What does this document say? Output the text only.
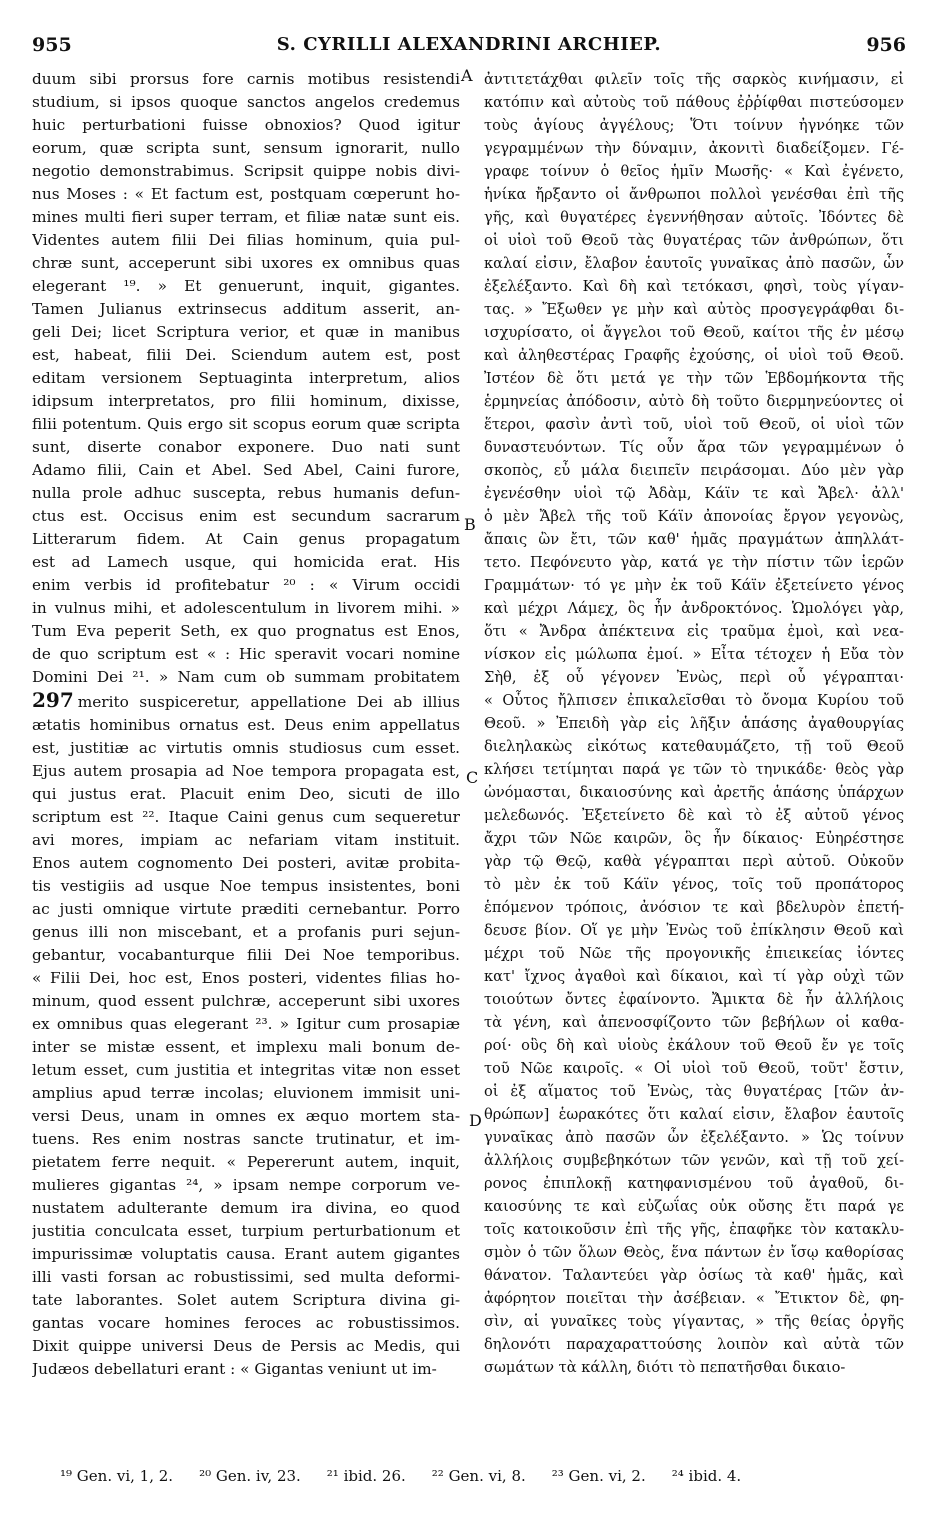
955	S. CYRILLI ALEXANDRINI ARCHIEP.	956
duum sibi prorsus fore carnis motibus resistendi
studium, si ipsos quoque sanctos angelos credemus
huic perturbationi fuisse obnoxios? Quod igitur
eorum, quæ scripta sunt, sensum ignorarit, nullo
negotio demonstrabimus. Scripsit quippe nobis divi-
nus Moses : « Et factum est, postquam cœperunt ho-
mines multi fieri super terram, et filiæ natæ sunt eis.
Videntes autem filii Dei filias hominum, quia pul-
chræ sunt, acceperunt sibi uxores ex omnibus quas
elegerant ¹⁹. » Et genuerunt, inquit, gigantes.
Tamen Julianus extrinsecus additum asserit, an-
geli Dei; licet Scriptura verior, et quæ in manibus
est, habeat, filii Dei. Sciendum autem est, post
editam versionem Septuaginta interpretum, alios
idipsum interpretatos, pro filii hominum, dixisse,
filii potentum. Quis ergo sit scopus eorum quæ scripta
sunt, diserte conabor exponere. Duo nati sunt
Adamo filii, Cain et Abel. Sed Abel, Caini furore,
nulla prole adhuc suscepta, rebus humanis defun-
ctus est. Occisus enim est secundum sacrarum
Litterarum fidem. At Cain genus propagatum
est ad Lamech usque, qui homicida erat. His
enim verbis id profitebatur ²⁰ : « Virum occidi
in vulnus mihi, et adolescentulum in livorem mihi. »
Tum Eva peperit Seth, ex quo prognatus est Enos,
de quo scriptum est « : Hic speravit vocari nomine
Domini Dei ²¹. » Nam cum ob summam probitatem
297 merito suspiceretur, appellatione Dei ab illius
ætatis hominibus ornatus est. Deus enim appellatus
est, justitiæ ac virtutis omnis studiosus cum esset.
Ejus autem prosapia ad Noe tempora propagata est,
qui justus erat. Placuit enim Deo, sicuti de illo
scriptum est ²². Itaque Caini genus cum sequeretur
avi mores, impiam ac nefariam vitam instituit.
Enos autem cognomento Dei posteri, avitæ probita-
tis vestigiis ad usque Noe tempus insistentes, boni
ac justi omnique virtute præditi cernebantur. Porro
genus illi non miscebant, et a profanis puri sejun-
gebantur, vocabanturque filii Dei Noe temporibus.
« Filii Dei, hoc est, Enos posteri, videntes filias ho-
minum, quod essent pulchræ, acceperunt sibi uxores
ex omnibus quas elegerant ²³. » Igitur cum prosapiæ
inter se mistæ essent, et implexu mali bonum de-
letum esset, cum justitia et integritas vitæ non esset
amplius apud terræ incolas; eluvionem immisit uni-
versi Deus, unam in omnes ex æquo mortem sta-
tuens. Res enim nostras sancte trutinatur, et im-
pietatem ferre nequit. « Pepererunt autem, inquit,
mulieres gigantas ²⁴, » ipsam nempe corporum ve-
nustatem adulterante demum ira divina, eo quod
justitia conculcata esset, turpium perturbationum et
impurissimæ voluptatis causa. Erant autem gigantes
illi vasti forsan ac robustissimi, sed multa deformi-
tate laborantes. Solet autem Scriptura divina gi-
gantas vocare homines feroces ac robustissimos.
Dixit quippe universi Deus de Persis ac Medis, qui
Judæos debellaturi erant : « Gigantas veniunt ut im-
ἀντιτετάχθαι φιλεῖν τοῖς τῆς σαρκὸς κινήμασιν, εἰ
κατόπιν καὶ αὐτοὺς τοῦ πάθους ἐῤῥίφθαι πιστεύσομεν
τοὺς ἁγίους ἀγγέλους; Ὅτι τοίνυν ἠγνόηκε τῶν
γεγραμμένων τὴν δύναμιν, ἀκονιτὶ διαδείξομεν. Γέ-
γραφε τοίνυν ὁ θεῖος ἡμῖν Μωσῆς· « Καὶ ἐγένετο,
ἡνίκα ἤρξαντο οἱ ἄνθρωποι πολλοὶ γενέσθαι ἐπὶ τῆς
γῆς, καὶ θυγατέρες ἐγεννήθησαν αὐτοῖς. Ἰδόντες δὲ
οἱ υἱοὶ τοῦ Θεοῦ τὰς θυγατέρας τῶν ἀνθρώπων, ὅτι
καλαί εἰσιν, ἔλαβον ἑαυτοῖς γυναῖκας ἀπὸ πασῶν, ὧν
ἐξελέξαντο. Καὶ δὴ καὶ τετόκασι, φησὶ, τοὺς γίγαν-
τας. » Ἔξωθεν γε μὴν καὶ αὐτὸς προσγεγράφθαι δι-
ισχυρίσατο, οἱ ἄγγελοι τοῦ Θεοῦ, καίτοι τῆς ἐν μέσῳ
καὶ ἀληθεστέρας Γραφῆς ἐχούσης, οἱ υἱοὶ τοῦ Θεοῦ.
Ἰστέον δὲ ὅτι μετά γε τὴν τῶν Ἑβδομήκοντα τῆς
ἑρμηνείας ἀπόδοσιν, αὐτὸ δὴ τοῦτο διερμηνεύοντες οἱ
ἕτεροι, φασὶν ἀντὶ τοῦ, υἱοὶ τοῦ Θεοῦ, οἱ υἱοὶ τῶν
δυναστευόντων. Τίς οὖν ἄρα τῶν γεγραμμένων ὁ
σκοπὸς, εὖ μάλα διειπεῖν πειράσομαι. Δύο μὲν γὰρ
ἐγενέσθην υἱοὶ τῷ Ἀδὰμ, Κάϊν τε καὶ Ἄβελ· ἀλλ'
ὁ μὲν Ἄβελ τῆς τοῦ Κάϊν ἀπονοίας ἔργον γεγονὼς,
ἄπαις ὢν ἔτι, τῶν καθ' ἡμᾶς πραγμάτων ἀπηλλάτ-
τετο. Πεφόνευτο γὰρ, κατά γε τὴν πίστιν τῶν ἱερῶν
Γραμμάτων· τό γε μὴν ἐκ τοῦ Κάϊν ἐξετείνετο γένος
καὶ μέχρι Λάμεχ, ὃς ἦν ἀνδροκτόνος. Ὡμολόγει γὰρ,
ὅτι « Ἄνδρα ἀπέκτεινα εἰς τραῦμα ἐμοὶ, καὶ νεα-
νίσκον εἰς μώλωπα ἐμοί. » Εἶτα τέτοχεν ἡ Εὔα τὸν
Σὴθ, ἐξ οὗ γέγονεν Ἐνὼς, περὶ οὗ γέγραπται·
« Οὗτος ἤλπισεν ἐπικαλεῖσθαι τὸ ὄνομα Κυρίου τοῦ
Θεοῦ. » Ἐπειδὴ γὰρ εἰς λῆξιν ἁπάσης ἀγαθουργίας
διεληλακὼς εἰκότως κατεθαυμάζετο, τῇ τοῦ Θεοῦ
κλήσει τετίμηται παρά γε τῶν τὸ τηνικάδε· θεὸς γὰρ
ὠνόμασται, δικαιοσύνης καὶ ἀρετῆς ἁπάσης ὑπάρχων
μελεδωνός. Ἐξετείνετο δὲ καὶ τὸ ἐξ αὐτοῦ γένος
ἄχρι τῶν Νῶε καιρῶν, ὃς ἦν δίκαιος· Εὐηρέστησε
γὰρ τῷ Θεῷ, καθὰ γέγραπται περὶ αὐτοῦ. Οὐκοῦν
τὸ μὲν ἐκ τοῦ Κάϊν γένος, τοῖς τοῦ προπάτορος
ἑπόμενον τρόποις, ἀνόσιον τε καὶ βδελυρὸν ἐπετή-
δευσε βίον. Οἵ γε μὴν Ἐνὼς τοῦ ἐπίκλησιν Θεοῦ καὶ
μέχρι τοῦ Νῶε τῆς προγονικῆς ἐπιεικείας ἰόντες
κατ' ἴχνος ἀγαθοὶ καὶ δίκαιοι, καὶ τί γὰρ οὐχὶ τῶν
τοιούτων ὄντες ἐφαίνοντο. Ἄμικτα δὲ ἦν ἀλλήλοις
τὰ γένη, καὶ ἀπενοσφίζοντο τῶν βεβήλων οἱ καθα-
ροί· οὓς δὴ καὶ υἱοὺς ἐκάλουν τοῦ Θεοῦ ἔν γε τοῖς
τοῦ Νῶε καιροῖς. « Οἱ υἱοὶ τοῦ Θεοῦ, τοῦτ' ἔστιν,
οἱ ἐξ αἵματος τοῦ Ἐνὼς, τὰς θυγατέρας [τῶν ἀν-
θρώπων] ἑωρακότες ὅτι καλαί εἰσιν, ἔλαβον ἑαυτοῖς
γυναῖκας ἀπὸ πασῶν ὧν ἐξελέξαντο. » Ὡς τοίνυν
ἀλλήλοις συμβεβηκότων τῶν γενῶν, καὶ τῇ τοῦ χεί-
ρονος ἐπιπλοκῇ κατηφανισμένου τοῦ ἀγαθοῦ, δι-
καιοσύνης τε καὶ εὐζωΐας οὐκ οὔσης ἔτι παρά γε
τοῖς κατοικοῦσιν ἐπὶ τῆς γῆς, ἐπαφῆκε τὸν κατακλυ-
σμὸν ὁ τῶν ὅλων Θεὸς, ἕνα πάντων ἐν ἴσῳ καθορίσας
θάνατον. Ταλαντεύει γὰρ ὁσίως τὰ καθ' ἡμᾶς, καὶ
ἀφόρητον ποιεῖται τὴν ἀσέβειαν. « Ἔτικτον δὲ, φη-
σὶν, αἱ γυναῖκες τοὺς γίγαντας, » τῆς θείας ὀργῆς
δηλονότι παραχαραττούσης λοιπὸν καὶ αὐτὰ τῶν
σωμάτων τὰ κάλλη, διότι τὸ πεπατῆσθαι δικαιο-
A
B
C
D
¹⁹ Gen. vi, 1, 2. ²⁰ Gen. iv, 23. ²¹ ibid. 26. ²² Gen. vi, 8. ²³ Gen. vi, 2. ²⁴ ibid. 4.
